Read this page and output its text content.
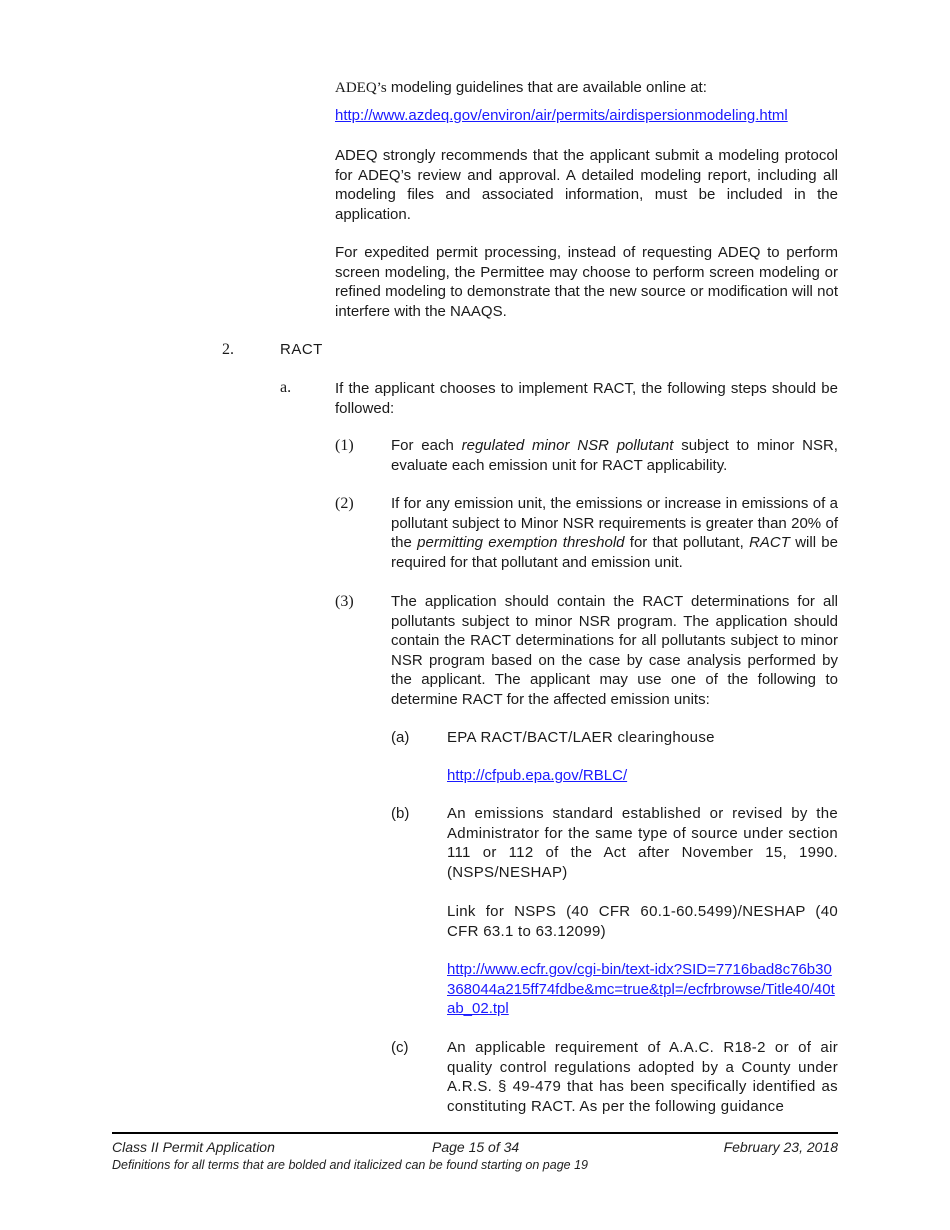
ADEQ’s modeling guidelines that are available online at:
http://www.azdeq.gov/environ/air/permits/airdispersionmodeling.html
ADEQ strongly recommends that the applicant submit a modeling protocol for ADEQ’s review and approval. A detailed modeling report, including all modeling files and associated information, must be included in the application.
For expedited permit processing, instead of requesting ADEQ to perform screen modeling, the Permittee may choose to perform screen modeling or refined modeling to demonstrate that the new source or modification will not interfere with the NAAQS.
2.	RACT
a.	If the applicant chooses to implement RACT, the following steps should be followed:
(1) For each regulated minor NSR pollutant subject to minor NSR, evaluate each emission unit for RACT applicability.
(2) If for any emission unit, the emissions or increase in emissions of a pollutant subject to Minor NSR requirements is greater than 20% of the permitting exemption threshold for that pollutant, RACT will be required for that pollutant and emission unit.
(3) The application should contain the RACT determinations for all pollutants subject to minor NSR program. The application should contain the RACT determinations for all pollutants subject to minor NSR program based on the case by case analysis performed by the applicant. The applicant may use one of the following to determine RACT for the affected emission units:
(a)	EPA RACT/BACT/LAER clearinghouse
http://cfpub.epa.gov/RBLC/
(b)	An emissions standard established or revised by the Administrator for the same type of source under section 111 or 112 of the Act after November 15, 1990. (NSPS/NESHAP)
Link for NSPS (40 CFR 60.1-60.5499)/NESHAP (40 CFR 63.1 to 63.12099)
http://www.ecfr.gov/cgi-bin/text-idx?SID=7716bad8c76b30368044a215ff74fdbe&mc=true&tpl=/ecfrbrowse/Title40/40tab_02.tpl
(c)	An applicable requirement of A.A.C. R18-2 or of air quality control regulations adopted by a County under A.R.S. § 49-479 that has been specifically identified as constituting RACT. As per the following guidance
Class II Permit Application	Page 15 of 34	February 23, 2018
Definitions for all terms that are bolded and italicized can be found starting on page 19
